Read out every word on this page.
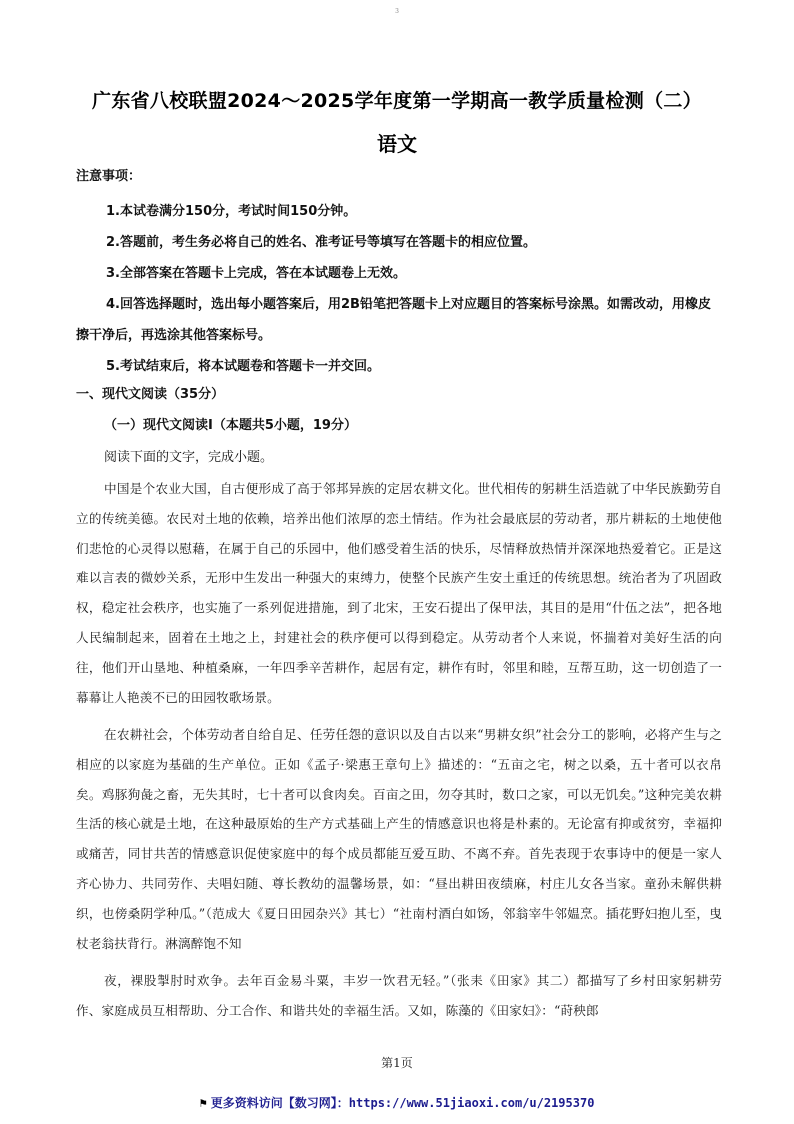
3
广东省八校联盟2024～2025学年度第一学期高一教学质量检测（二）
语文
注意事项：
1.本试卷满分150分，考试时间150分钟。
2.答题前，考生务必将自己的姓名、准考证号等填写在答题卡的相应位置。
3.全部答案在答题卡上完成，答在本试题卷上无效。
4.回答选择题时，选出每小题答案后，用2B铅笔把答题卡上对应题目的答案标号涂黑。如需改动，用橡皮擦干净后，再选涂其他答案标号。
5.考试结束后，将本试题卷和答题卡一并交回。
一、现代文阅读（35分）
（一）现代文阅读Ⅰ（本题共5小题，19分）
阅读下面的文字，完成小题。
中国是个农业大国，自古便形成了高于邻邦异族的定居农耕文化。世代相传的躬耕生活造就了中华民族勤劳自立的传统美德。农民对土地的依赖，培养出他们浓厚的恋土情结。作为社会最底层的劳动者，那片耕耘的土地使他们悲怆的心灵得以慰藉，在属于自己的乐园中，他们感受着生活的快乐，尽情释放热情并深深地热爱着它。正是这难以言表的微妙关系，无形中生发出一种强大的束缚力，使整个民族产生安土重迁的传统思想。统治者为了巩固政权，稳定社会秩序，也实施了一系列促进措施，到了北宋，王安石提出了保甲法，其目的是用“什伍之法”，把各地人民编制起来，固着在土地之上，封建社会的秩序便可以得到稳定。从劳动者个人来说，怀揣着对美好生活的向往，他们开山垦地、种植桑麻，一年四季辛苦耕作，起居有定，耕作有时，邻里和睦，互帮互助，这一切创造了一幕幕让人艳羡不已的田园牧歌场景。
在农耕社会，个体劳动者自给自足、任劳任怨的意识以及自古以来“男耕女织”社会分工的影响，必将产生与之相应的以家庭为基础的生产单位。正如《孟子·梁惠王章句上》描述的：“五亩之宅，树之以桑，五十者可以衣帛矣。鸡豚狗彘之畜，无失其时，七十者可以食肉矣。百亩之田，勿夺其时，数口之家，可以无饥矣。”这种完美农耕生活的核心就是土地，在这种最原始的生产方式基础上产生的情感意识也将是朴素的。无论富有抑或贫穷，幸福抑或痛苦，同甘共苦的情感意识促使家庭中的每个成员都能互爱互助、不离不弃。首先表现于农事诗中的便是一家人齐心协力、共同劳作、夫唱妇随、尊长教幼的温馨场景，如：“昼出耕田夜绩麻，村庄儿女各当家。童孙未解供耕织，也傍桑阴学种瓜。”（范成大《夏日田园杂兴》其七）“社南村酒白如饧，邻翁宰牛邻媪烹。插花野妇抱儿至，曳杖老翁扶背行。淋漓醉饱不知
夜，裸股掣肘时欢争。去年百金易斗粟，丰岁一饮君无轻。”（张耒《田家》其二）都描写了乡村田家躬耕劳作、家庭成员互相帮助、分工合作、和谐共处的幸福生活。又如，陈藻的《田家妇》：“莳秧郎
第1页
⚑ 更多资料访问【数习网】：https://www.51jiaoxi.com/u/2195370
